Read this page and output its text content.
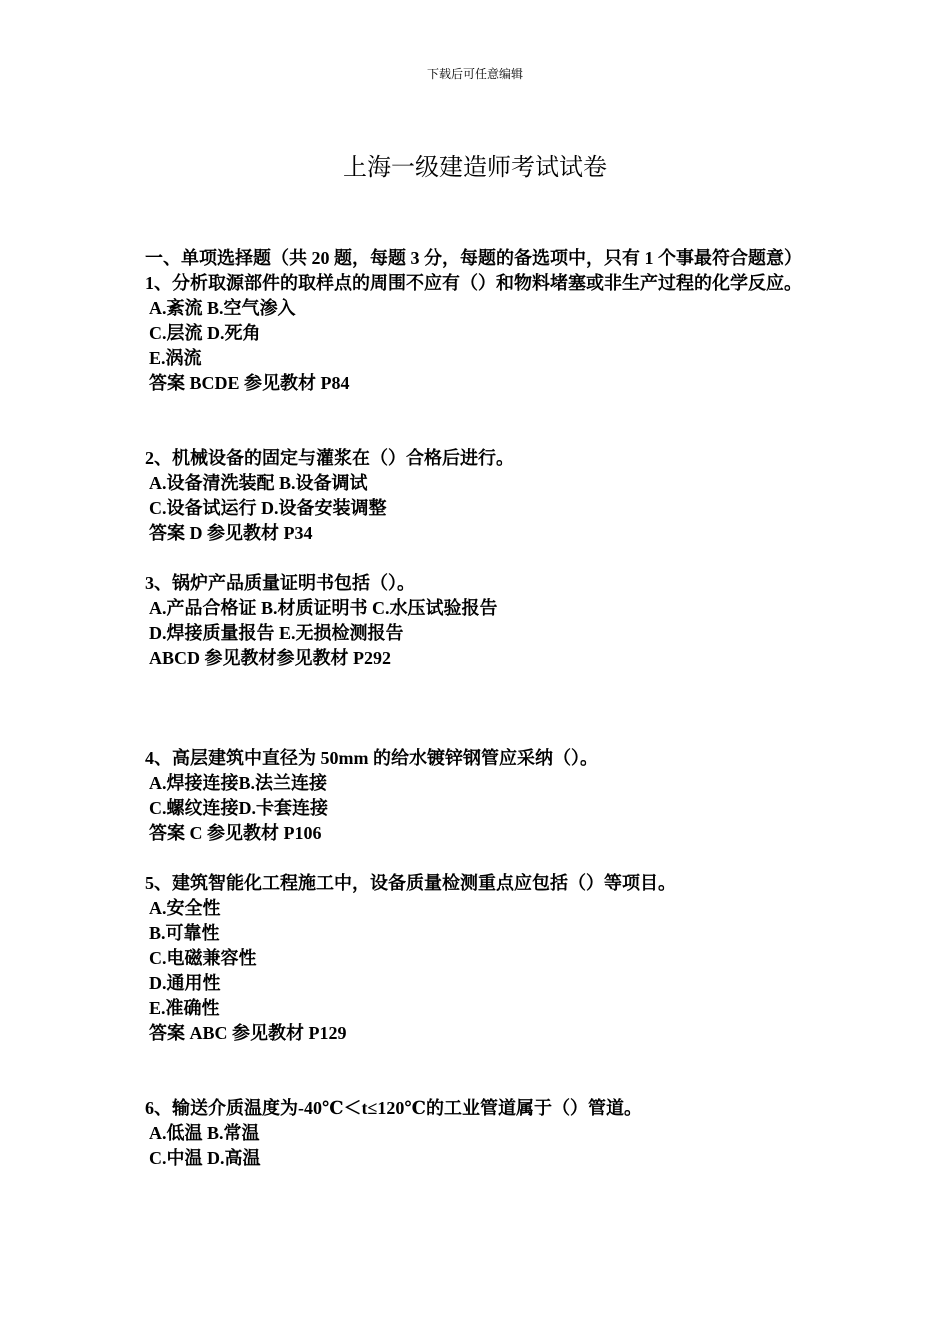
下载后可任意编辑
上海一级建造师考试试卷
一、单项选择题（共 20 题，每题 3 分，每题的备选项中，只有 1 个事最符合题意）
1、分析取源部件的取样点的周围不应有（）和物料堵塞或非生产过程的化学反应。
A.紊流 B.空气渗入
C.层流 D.死角
E.涡流
答案 BCDE 参见教材 P84
2、机械设备的固定与灌浆在（）合格后进行。
A.设备清洗装配 B.设备调试
C.设备试运行 D.设备安装调整
答案 D 参见教材 P34
3、锅炉产品质量证明书包括（）。
A.产品合格证 B.材质证明书 C.水压试验报告
D.焊接质量报告 E.无损检测报告
ABCD 参见教材参见教材 P292
4、高层建筑中直径为 50mm 的给水镀锌钢管应采纳（）。
A.焊接连接B.法兰连接
C.螺纹连接D.卡套连接
答案 C 参见教材 P106
5、建筑智能化工程施工中，设备质量检测重点应包括（）等项目。
A.安全性
B.可靠性
C.电磁兼容性
D.通用性
E.准确性
答案 ABC 参见教材 P129
6、输送介质温度为-40℃＜t≤120℃的工业管道属于（）管道。
A.低温 B.常温
C.中温 D.高温
